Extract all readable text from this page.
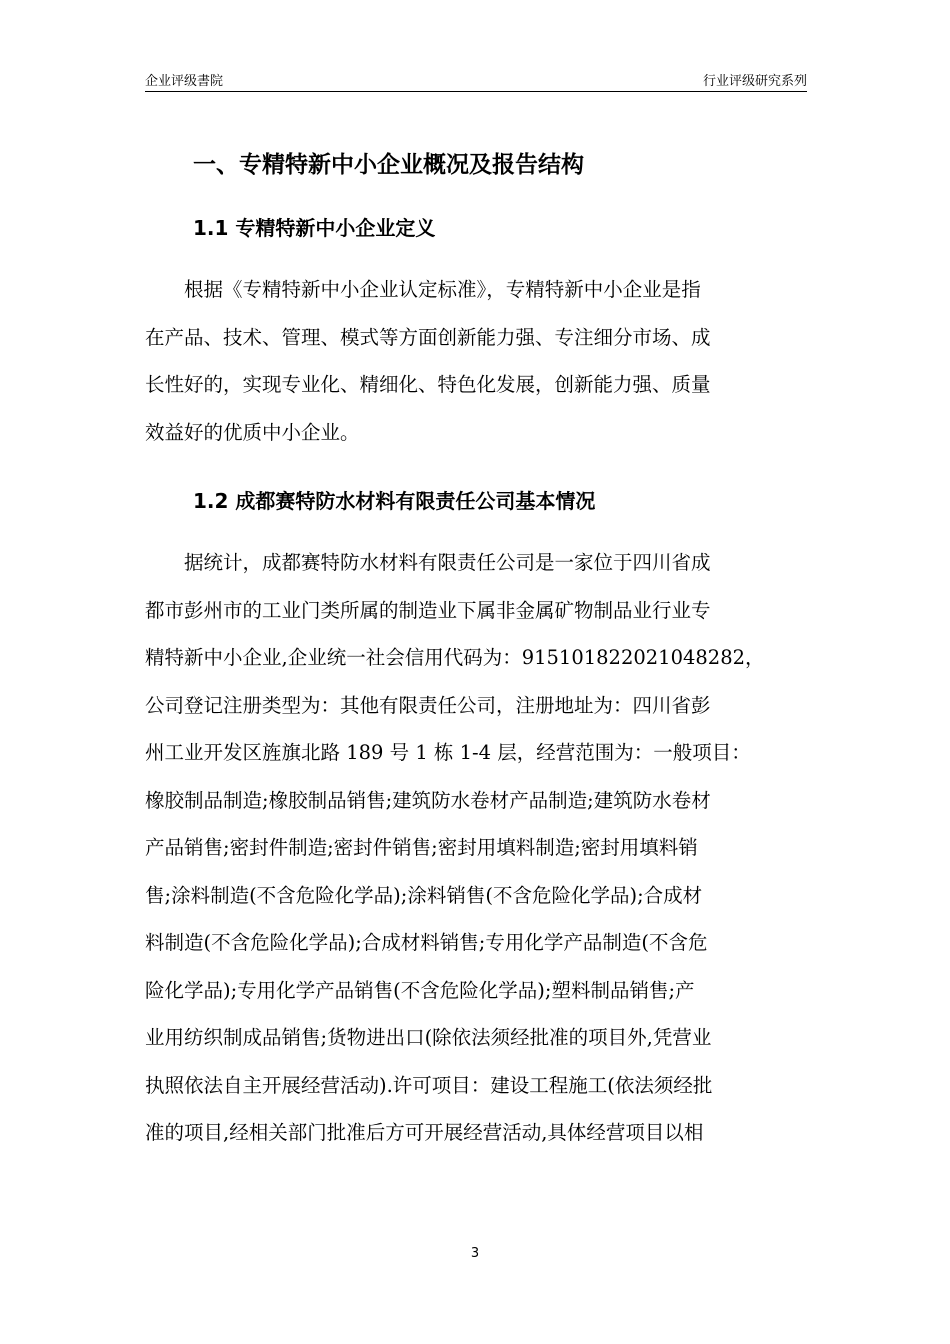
企业评级書院	行业评级研究系列
一、专精特新中小企业概况及报告结构
1.1 专精特新中小企业定义
　　根据《专精特新中小企业认定标准》，专精特新中小企业是指
在产品、技术、管理、模式等方面创新能力强、专注细分市场、成
长性好的，实现专业化、精细化、特色化发展，创新能力强、质量
效益好的优质中小企业。
1.2 成都赛特防水材料有限责任公司基本情况
　　据统计，成都赛特防水材料有限责任公司是一家位于四川省成
都市彭州市的工业门类所属的制造业下属非金属矿物制品业行业专
精特新中小企业,企业统一社会信用代码为：915101822021048282，
公司登记注册类型为：其他有限责任公司，注册地址为：四川省彭
州工业开发区旌旗北路 189 号 1 栋 1-4 层，经营范围为：一般项目：
橡胶制品制造;橡胶制品销售;建筑防水卷材产品制造;建筑防水卷材
产品销售;密封件制造;密封件销售;密封用填料制造;密封用填料销
售;涂料制造(不含危险化学品);涂料销售(不含危险化学品);合成材
料制造(不含危险化学品);合成材料销售;专用化学产品制造(不含危
险化学品);专用化学产品销售(不含危险化学品);塑料制品销售;产
业用纺织制成品销售;货物进出口(除依法须经批准的项目外,凭营业
执照依法自主开展经营活动).许可项目：建设工程施工(依法须经批
准的项目,经相关部门批准后方可开展经营活动,具体经营项目以相
3
